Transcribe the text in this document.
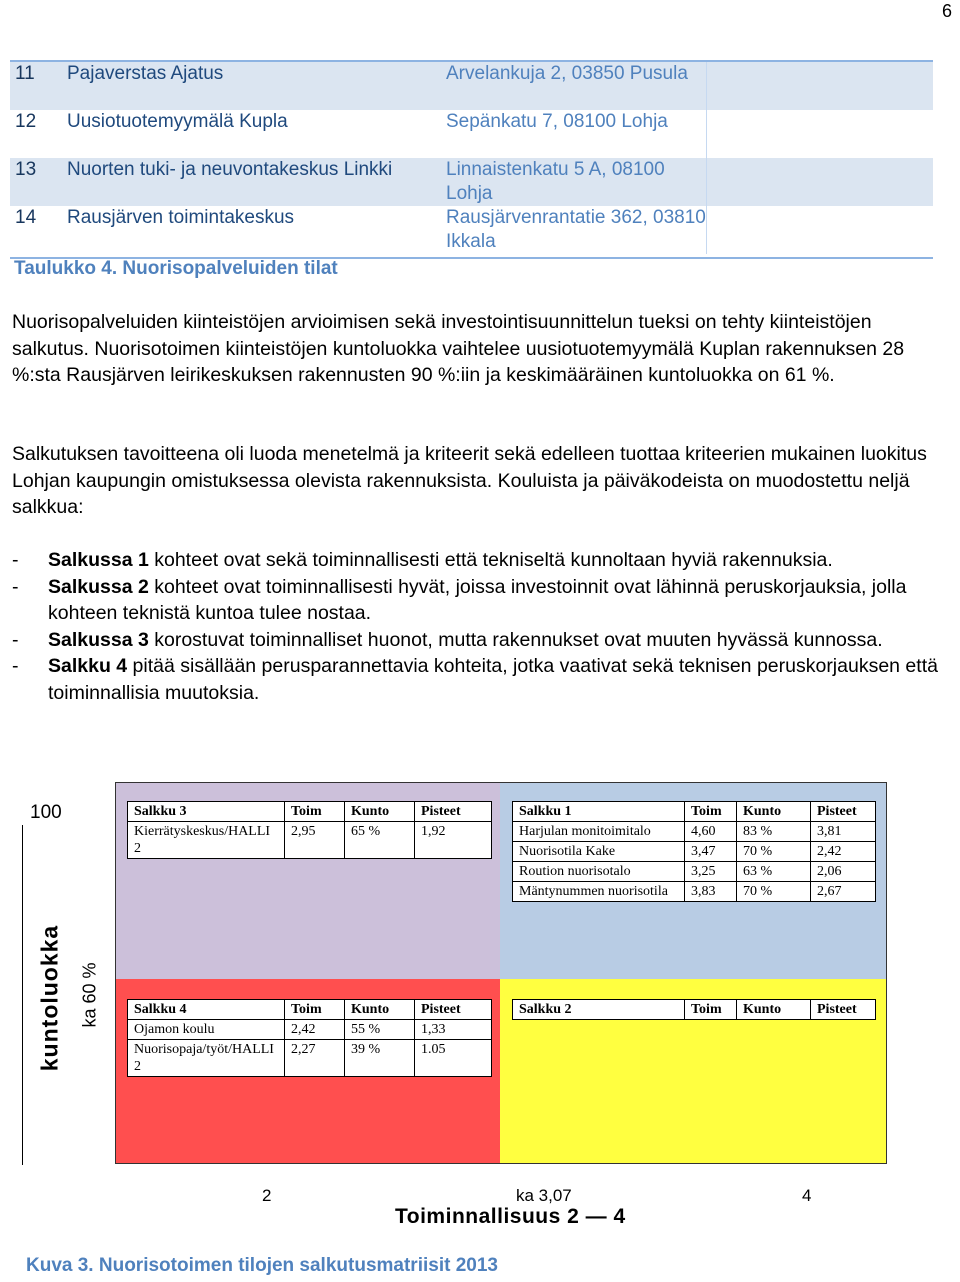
6
11	Pajaverstas Ajatus	Arvelankuja 2, 03850 Pusula
12	Uusiotuotemyymälä Kupla	Sepänkatu 7, 08100 Lohja
13	Nuorten tuki- ja neuvontakeskus Linkki	Linnaistenkatu 5 A, 08100 Lohja
14	Rausjärven toimintakeskus	Rausjärvenrantatie 362, 03810 Ikkala
Taulukko 4. Nuorisopalveluiden tilat

Nuorisopalveluiden kiinteistöjen arvioimisen sekä investointisuunnittelun tueksi on tehty kiinteistöjen salkutus. Nuorisotoimen kiinteistöjen kuntoluokka vaihtelee uusiotuotemyymälä Kuplan rakennuksen 28 %:sta Rausjärven leirikeskuksen rakennusten 90 %:iin ja keskimääräinen kuntoluokka on 61 %.

Salkutuksen tavoitteena oli luoda menetelmä ja kriteerit sekä edelleen tuottaa kriteerien mukainen luokitus Lohjan kaupungin omistuksessa olevista rakennuksista. Kouluista ja päiväkodeista on muodostettu neljä salkkua:

-	Salkussa 1 kohteet ovat sekä toiminnallisesti että tekniseltä kunnoltaan hyviä rakennuksia.
-	Salkussa 2 kohteet ovat toiminnallisesti hyvät, joissa investoinnit ovat lähinnä peruskorjauksia, jolla kohteen teknistä kuntoa tulee nostaa.
-	Salkussa 3 korostuvat toiminnalliset huonot, mutta rakennukset ovat muuten hyvässä kunnossa.
-	Salkku 4 pitää sisällään perusparannettavia kohteita, jotka vaativat sekä teknisen peruskorjauksen että toiminnallisia muutoksia.
100
kuntoluokka ka 60 %
Salkku 3	Toim	Kunto	Pisteet
Kierrätyskeskus/HALLI 2	2,95	65 %	1,92
Salkku 1	Toim	Kunto	Pisteet
Harjulan monitoimitalo	4,60	83 %	3,81
Nuorisotila Kake	3,47	70 %	2,42
Roution nuorisotalo	3,25	63 %	2,06
Mäntynummen nuorisotila	3,83	70 %	2,67
Salkku 4	Toim	Kunto	Pisteet
Ojamon koulu	2,42	55 %	1,33
Nuorisopaja/työt/HALLI 2	2,27	39 %	1.05
Salkku 2	Toim	Kunto	Pisteet
2	ka 3,07	4
Toiminnallisuus 2 — 4
Kuva 3. Nuorisotoimen tilojen salkutusmatriisit 2013
